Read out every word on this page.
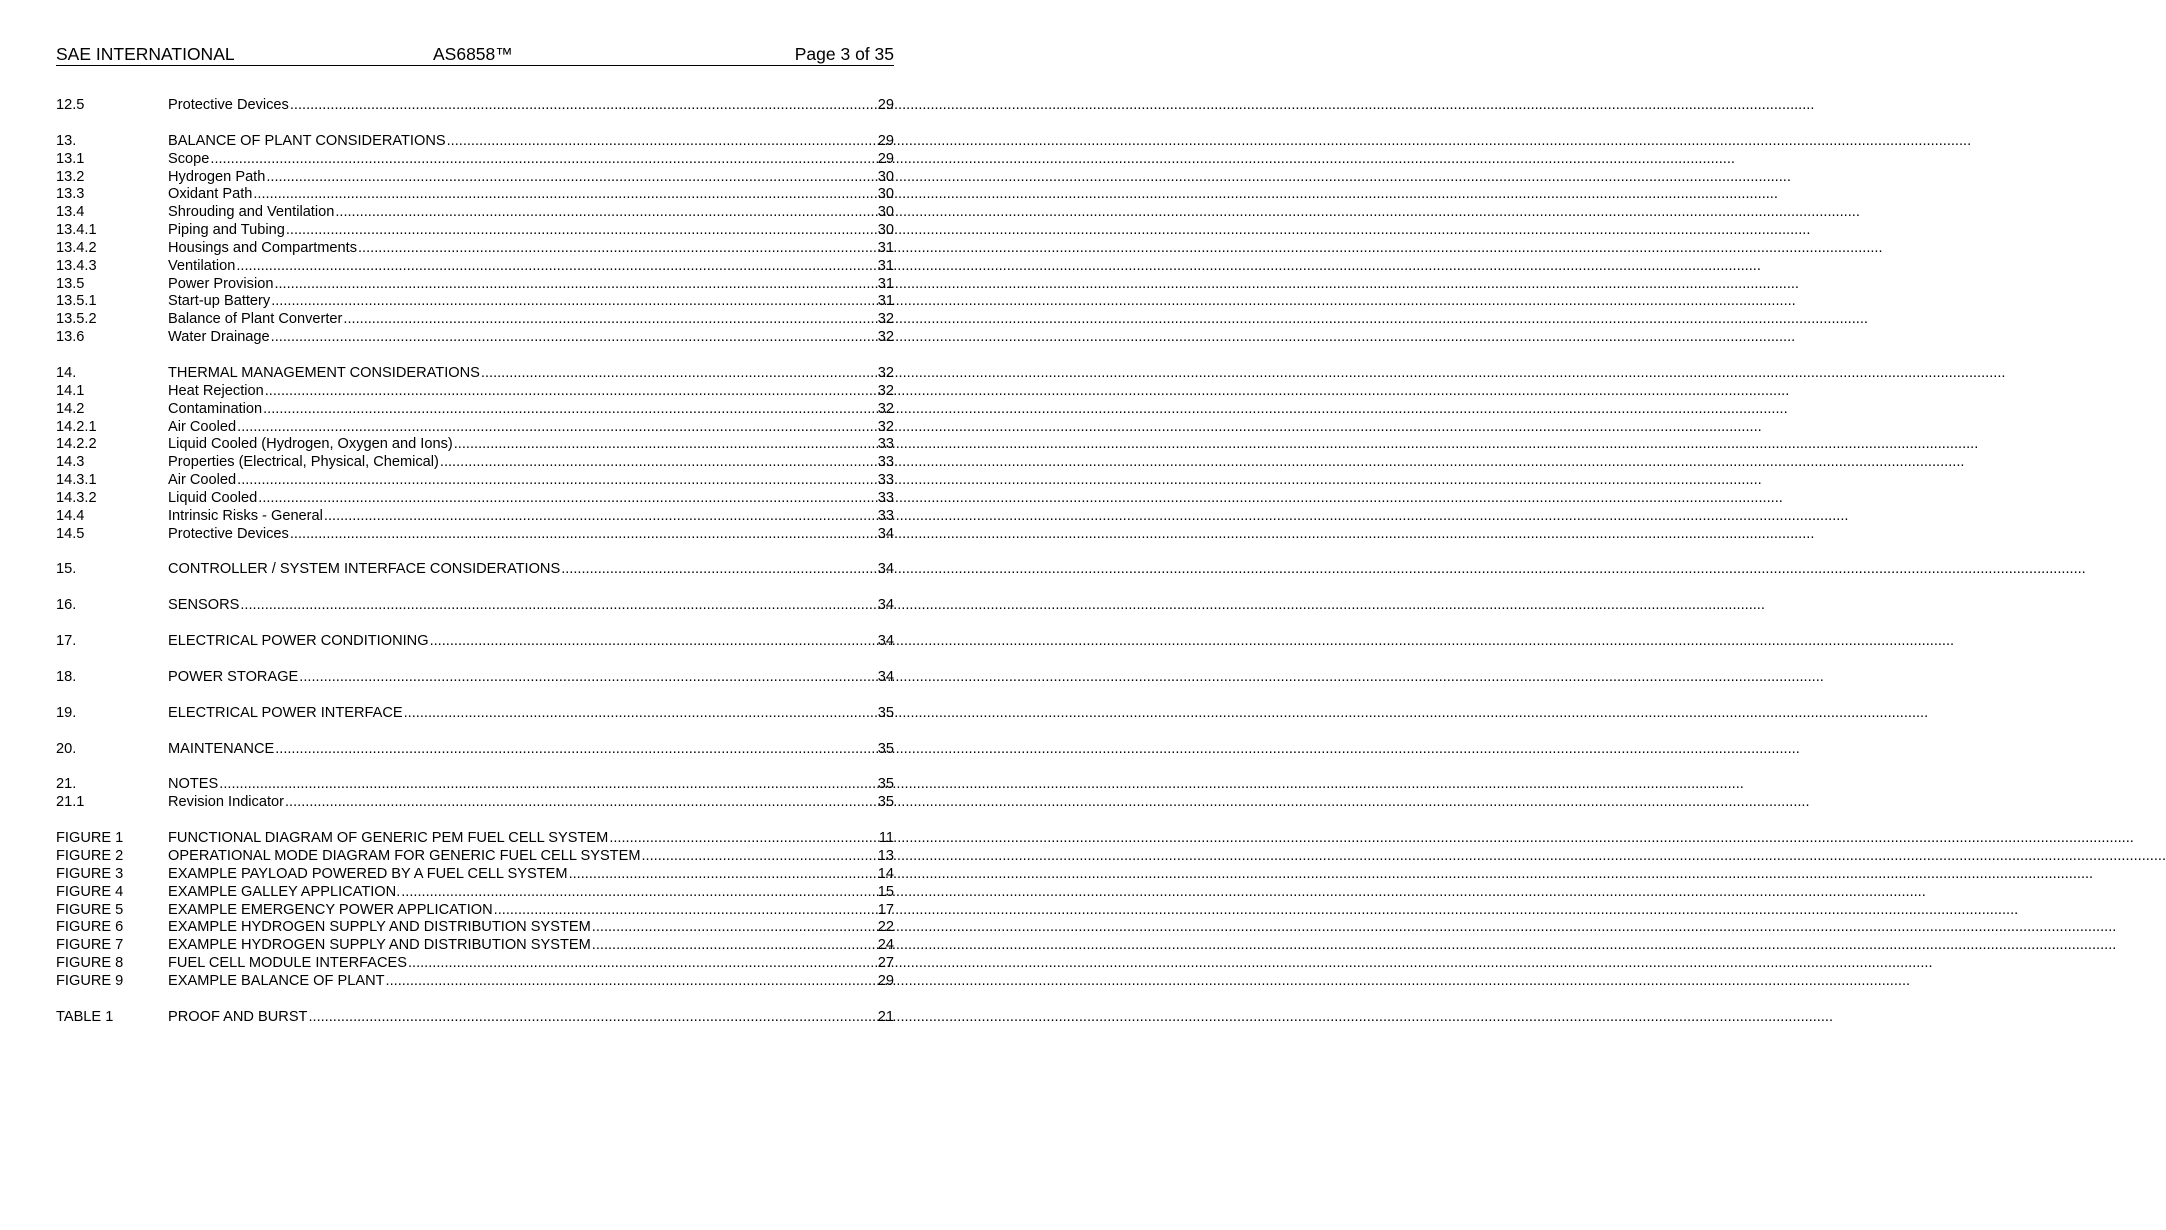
SAE INTERNATIONAL	AS6858™	Page 3 of 35
12.5	Protective Devices .....	29
13.	BALANCE OF PLANT CONSIDERATIONS .....	29
13.1	Scope .....	29
13.2	Hydrogen Path .....	30
13.3	Oxidant Path .....	30
13.4	Shrouding and Ventilation .....	30
13.4.1	Piping and Tubing .....	30
13.4.2	Housings and Compartments .....	31
13.4.3	Ventilation .....	31
13.5	Power Provision .....	31
13.5.1	Start-up Battery .....	31
13.5.2	Balance of Plant Converter .....	32
13.6	Water Drainage .....	32
14.	THERMAL MANAGEMENT CONSIDERATIONS .....	32
14.1	Heat Rejection .....	32
14.2	Contamination .....	32
14.2.1	Air Cooled .....	32
14.2.2	Liquid Cooled (Hydrogen, Oxygen and Ions) .....	33
14.3	Properties (Electrical, Physical, Chemical) .....	33
14.3.1	Air Cooled .....	33
14.3.2	Liquid Cooled .....	33
14.4	Intrinsic Risks - General .....	33
14.5	Protective Devices .....	34
15.	CONTROLLER / SYSTEM INTERFACE CONSIDERATIONS .....	34
16.	SENSORS .....	34
17.	ELECTRICAL POWER CONDITIONING .....	34
18.	POWER STORAGE .....	34
19.	ELECTRICAL POWER INTERFACE .....	35
20.	MAINTENANCE .....	35
21.	NOTES .....	35
21.1	Revision Indicator .....	35
FIGURE 1	FUNCTIONAL DIAGRAM OF GENERIC PEM FUEL CELL SYSTEM .....	11
FIGURE 2	OPERATIONAL MODE DIAGRAM FOR GENERIC FUEL CELL SYSTEM .....	13
FIGURE 3	EXAMPLE PAYLOAD POWERED BY A FUEL CELL SYSTEM .....	14
FIGURE 4	EXAMPLE GALLEY APPLICATION. .....	15
FIGURE 5	EXAMPLE EMERGENCY POWER APPLICATION .....	17
FIGURE 6	EXAMPLE HYDROGEN SUPPLY AND DISTRIBUTION SYSTEM .....	22
FIGURE 7	EXAMPLE HYDROGEN SUPPLY AND DISTRIBUTION SYSTEM .....	24
FIGURE 8	FUEL CELL MODULE INTERFACES .....	27
FIGURE 9	EXAMPLE BALANCE OF PLANT .....	29
TABLE 1	PROOF AND BURST .....	21
